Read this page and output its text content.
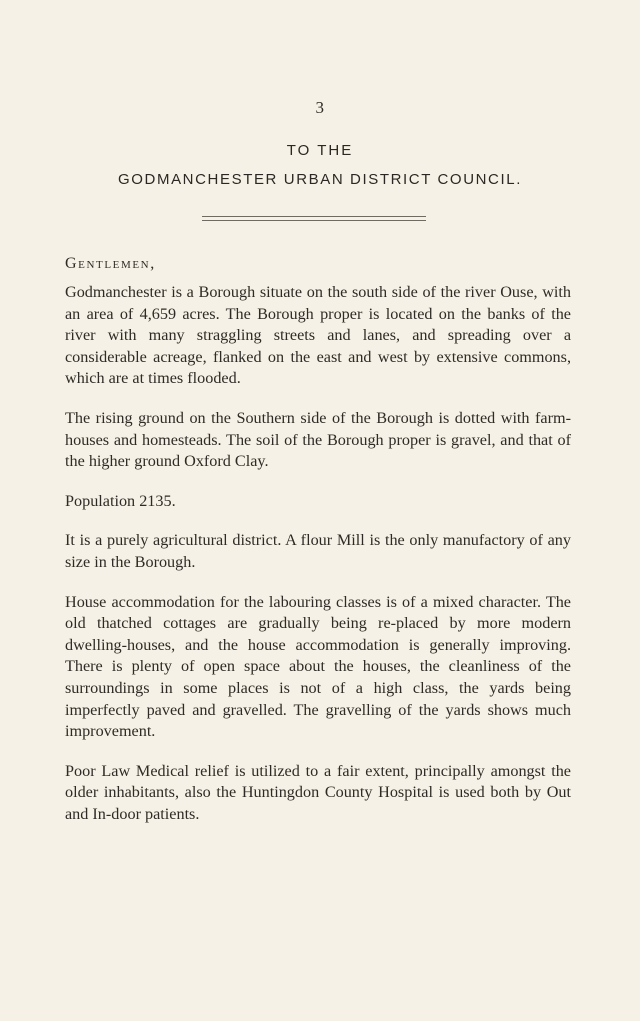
3
TO THE
GODMANCHESTER URBAN DISTRICT COUNCIL.
Gentlemen,

Godmanchester is a Borough situate on the south side of the river Ouse, with an area of 4,659 acres. The Borough proper is located on the banks of the river with many straggling streets and lanes, and spreading over a considerable acreage, flanked on the east and west by extensive commons, which are at times flooded.

The rising ground on the Southern side of the Borough is dotted with farm-houses and homesteads. The soil of the Borough proper is gravel, and that of the higher ground Oxford Clay.

Population 2135.

It is a purely agricultural district. A flour Mill is the only manufactory of any size in the Borough.

House accommodation for the labouring classes is of a mixed character. The old thatched cottages are gradually being re-placed by more modern dwelling-houses, and the house accommodation is generally improving. There is plenty of open space about the houses, the cleanliness of the surroundings in some places is not of a high class, the yards being imperfectly paved and gravelled. The gravelling of the yards shows much improvement.

Poor Law Medical relief is utilized to a fair extent, principally amongst the older inhabitants, also the Huntingdon County Hospital is used both by Out and In-door patients.
